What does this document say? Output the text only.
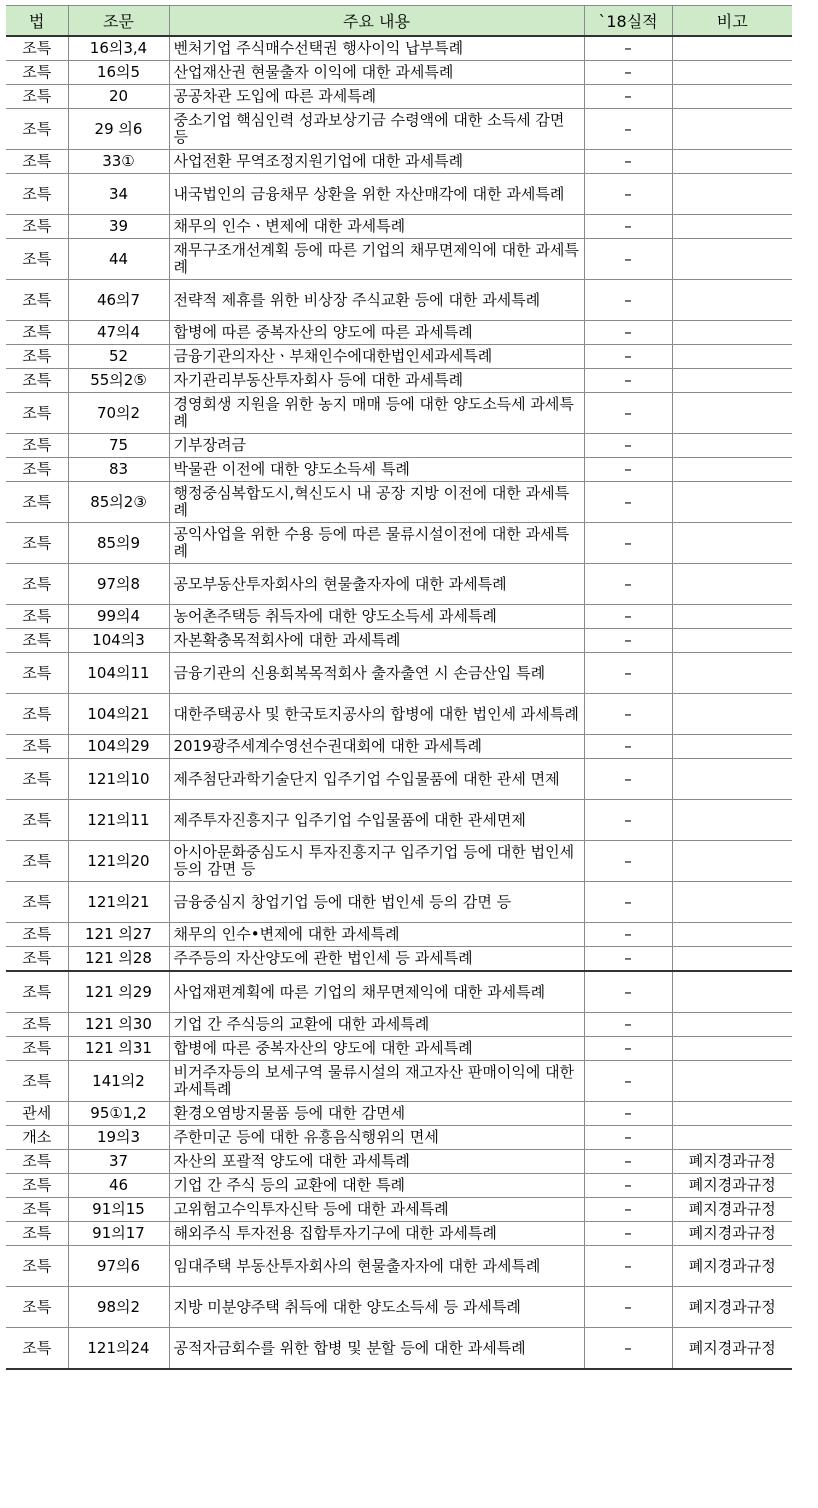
법	조문	주요 내용	`18실적	비고
조특	16의3,4	벤처기업 주식매수선택권 행사이익 납부특례	–	
조특	16의5	산업재산권 현물출자 이익에 대한 과세특례	–	
조특	20	공공차관 도입에 따른 과세특례	–	
조특	29 의6	중소기업 핵심인력 성과보상기금 수령액에 대한 소득세 감면 등	–	
조특	33①	사업전환 무역조정지원기업에 대한 과세특례	–	
조특	34	내국법인의 금융채무 상환을 위한 자산매각에 대한 과세특례	–	
조특	39	채무의 인수ㆍ변제에 대한 과세특례	–	
조특	44	재무구조개선계획 등에 따른 기업의 채무면제익에 대한 과세특례	–	
조특	46의7	전략적 제휴를 위한 비상장 주식교환 등에 대한 과세특례	–	
조특	47의4	합병에 따른 중복자산의 양도에 따른 과세특례	–	
조특	52	금융기관의자산ㆍ부채인수에대한법인세과세특례	–	
조특	55의2⑤	자기관리부동산투자회사 등에 대한 과세특례	–	
조특	70의2	경영회생 지원을 위한 농지 매매 등에 대한 양도소득세 과세특례	–	
조특	75	기부장려금	–	
조특	83	박물관 이전에 대한 양도소득세 특례	–	
조특	85의2③	행정중심복합도시,혁신도시 내 공장 지방 이전에 대한 과세특례	–	
조특	85의9	공익사업을 위한 수용 등에 따른 물류시설이전에 대한 과세특례	–	
조특	97의8	공모부동산투자회사의 현물출자자에 대한 과세특례	–	
조특	99의4	농어촌주택등 취득자에 대한 양도소득세 과세특례	–	
조특	104의3	자본확충목적회사에 대한 과세특례	–	
조특	104의11	금융기관의 신용회복목적회사 출자출연 시 손금산입 특례	–	
조특	104의21	대한주택공사 및 한국토지공사의 합병에 대한 법인세 과세특례	–	
조특	104의29	2019광주세계수영선수권대회에 대한 과세특례	–	
조특	121의10	제주첨단과학기술단지 입주기업 수입물품에 대한 관세 면제	–	
조특	121의11	제주투자진흥지구 입주기업 수입물품에 대한 관세면제	–	
조특	121의20	아시아문화중심도시 투자진흥지구 입주기업 등에 대한 법인세 등의 감면 등	–	
조특	121의21	금융중심지 창업기업 등에 대한 법인세 등의 감면 등	–	
조특	121 의27	채무의 인수•변제에 대한 과세특례	–	
조특	121 의28	주주등의 자산양도에 관한 법인세 등 과세특례	–	
조특	121 의29	사업재편계획에 따른 기업의 채무면제익에 대한 과세특례	–	
조특	121 의30	기업 간 주식등의 교환에 대한 과세특례	–	
조특	121 의31	합병에 따른 중복자산의 양도에 대한 과세특례	–	
조특	141의2	비거주자등의 보세구역 물류시설의 재고자산 판매이익에 대한 과세특례	–	
관세	95①1,2	환경오염방지물품 등에 대한 감면세	–	
개소	19의3	주한미군 등에 대한 유흥음식행위의 면세	–	
조특	37	자산의 포괄적 양도에 대한 과세특례	–	폐지경과규정
조특	46	기업 간 주식 등의 교환에 대한 특례	–	폐지경과규정
조특	91의15	고위험고수익투자신탁 등에 대한 과세특례	–	폐지경과규정
조특	91의17	해외주식 투자전용 집합투자기구에 대한 과세특례	–	폐지경과규정
조특	97의6	임대주택 부동산투자회사의 현물출자자에 대한 과세특례	–	폐지경과규정
조특	98의2	지방 미분양주택 취득에 대한 양도소득세 등 과세특례	–	폐지경과규정
조특	121의24	공적자금회수를 위한 합병 및 분할 등에 대한 과세특례	–	폐지경과규정
